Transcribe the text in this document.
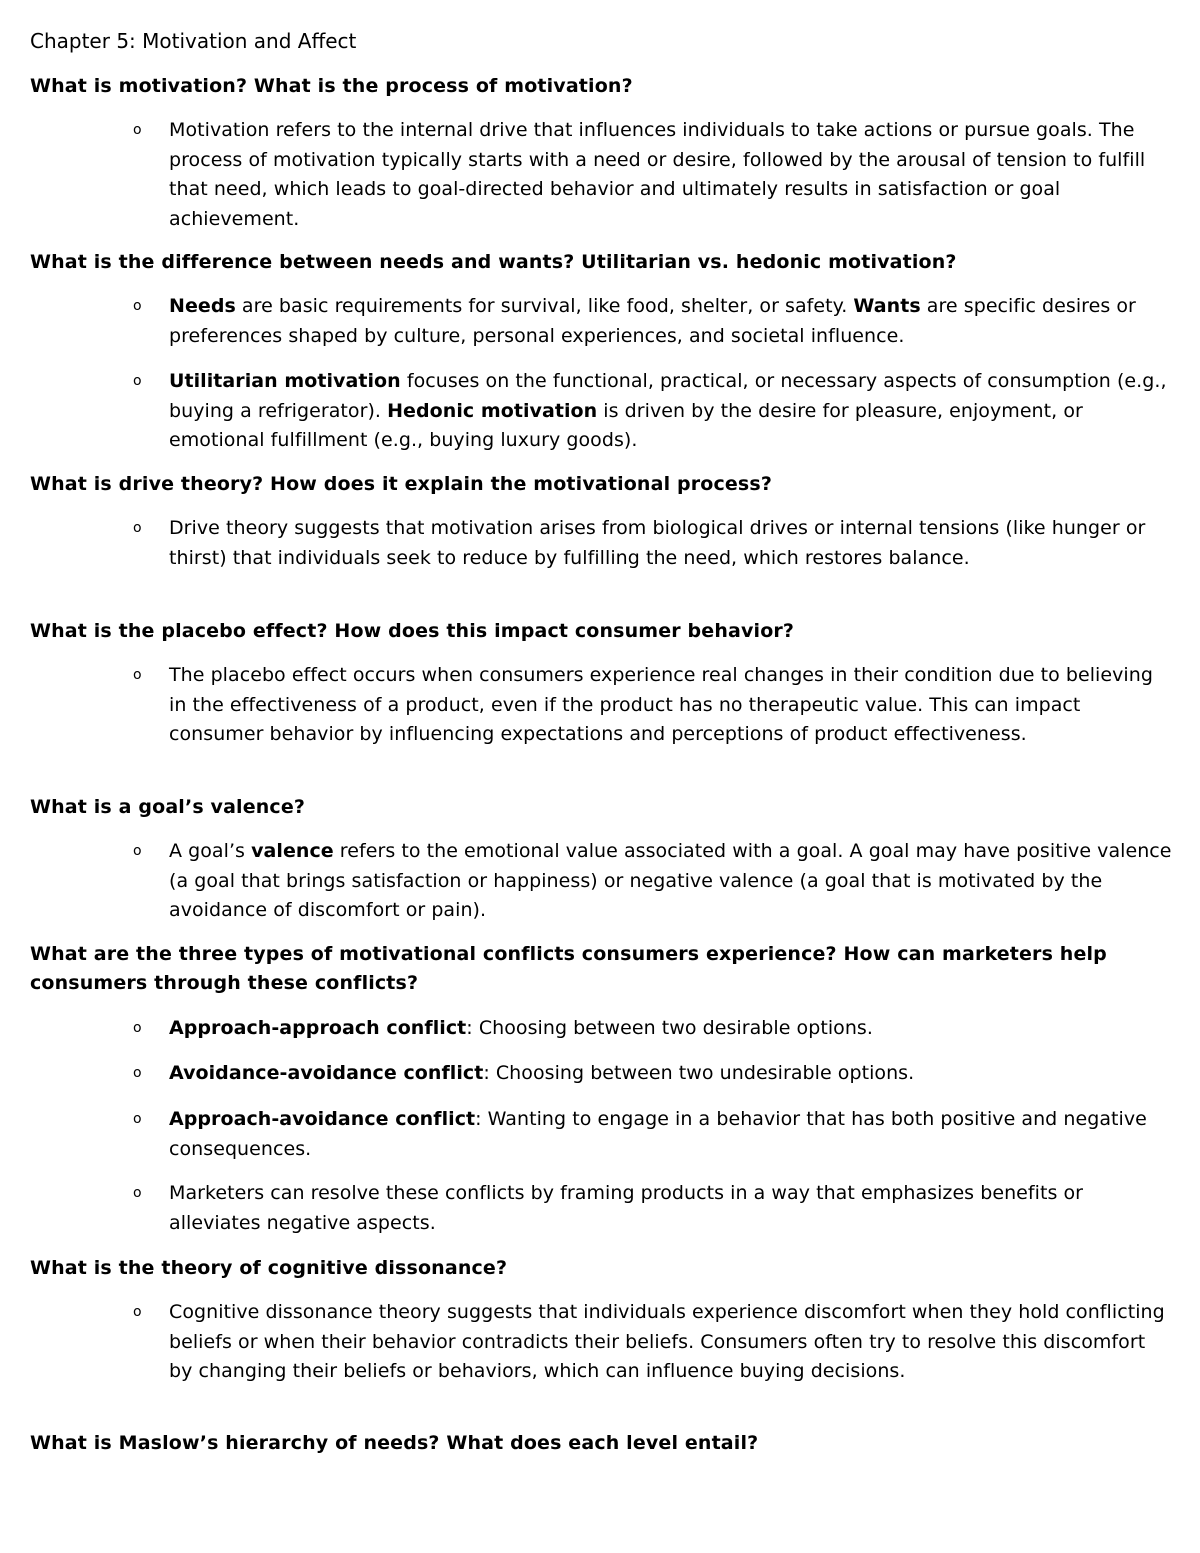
Chapter 5: Motivation and Affect
What is motivation? What is the process of motivation?
o	Motivation refers to the internal drive that influences individuals to take actions or pursue goals. The process of motivation typically starts with a need or desire, followed by the arousal of tension to fulfill that need, which leads to goal-directed behavior and ultimately results in satisfaction or goal achievement.

What is the difference between needs and wants? Utilitarian vs. hedonic motivation?
o	Needs are basic requirements for survival, like food, shelter, or safety. Wants are specific desires or preferences shaped by culture, personal experiences, and societal influence.

o	Utilitarian motivation focuses on the functional, practical, or necessary aspects of consumption (e.g., buying a refrigerator). Hedonic motivation is driven by the desire for pleasure, enjoyment, or emotional fulfillment (e.g., buying luxury goods).

What is drive theory? How does it explain the motivational process?
o	Drive theory suggests that motivation arises from biological drives or internal tensions (like hunger or thirst) that individuals seek to reduce by fulfilling the need, which restores balance.

What is the placebo effect? How does this impact consumer behavior?
o	The placebo effect occurs when consumers experience real changes in their condition due to believing in the effectiveness of a product, even if the product has no therapeutic value. This can impact consumer behavior by influencing expectations and perceptions of product effectiveness.

What is a goal’s valence?
o	A goal’s valence refers to the emotional value associated with a goal. A goal may have positive valence (a goal that brings satisfaction or happiness) or negative valence (a goal that is motivated by the avoidance of discomfort or pain).

What are the three types of motivational conflicts consumers experience? How can marketers help consumers through these conflicts?
o	Approach-approach conflict: Choosing between two desirable options.

o	Avoidance-avoidance conflict: Choosing between two undesirable options.

o	Approach-avoidance conflict: Wanting to engage in a behavior that has both positive and negative consequences.

o	Marketers can resolve these conflicts by framing products in a way that emphasizes benefits or alleviates negative aspects.

What is the theory of cognitive dissonance?
o	Cognitive dissonance theory suggests that individuals experience discomfort when they hold conflicting beliefs or when their behavior contradicts their beliefs. Consumers often try to resolve this discomfort by changing their beliefs or behaviors, which can influence buying decisions.

What is Maslow’s hierarchy of needs? What does each level entail?
